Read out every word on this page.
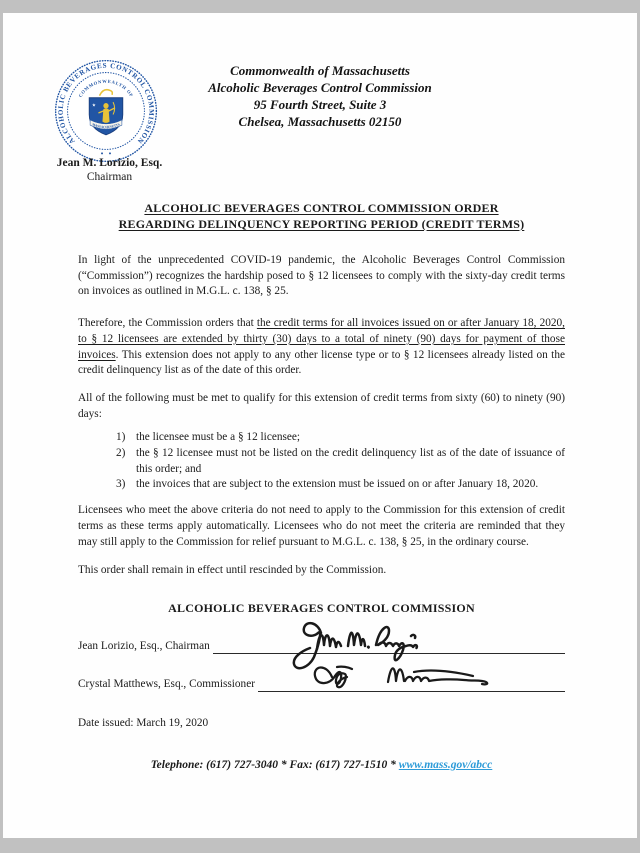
ALCOHOLIC BEVERAGES CONTROL COMMISSION
COMMONWEALTH OF
★
MASSACHUSETTS
Jean M. Lorizio, Esq.
Chairman
Commonwealth of Massachusetts
Alcoholic Beverages Control Commission
95 Fourth Street, Suite 3
Chelsea, Massachusetts 02150
ALCOHOLIC BEVERAGES CONTROL COMMISSION ORDER
REGARDING DELINQUENCY REPORTING PERIOD (CREDIT TERMS)

In light of the unprecedented COVID-19 pandemic, the Alcoholic Beverages Control Commission (“Commission”) recognizes the hardship posed to § 12 licensees to comply with the sixty-day credit terms on invoices as outlined in M.G.L. c. 138, § 25.

Therefore, the Commission orders that the credit terms for all invoices issued on or after January 18, 2020, to § 12 licensees are extended by thirty (30) days to a total of ninety (90) days for payment of those invoices. This extension does not apply to any other license type or to § 12 licensees already listed on the credit delinquency list as of the date of this order.

All of the following must be met to qualify for this extension of credit terms from sixty (60) to ninety (90) days:

1) the licensee must be a § 12 licensee;
2) the § 12 licensee must not be listed on the credit delinquency list as of the date of issuance of this order; and
3) the invoices that are subject to the extension must be issued on or after January 18, 2020.

Licensees who meet the above criteria do not need to apply to the Commission for this extension of credit terms as these terms apply automatically. Licensees who do not meet the criteria are reminded that they may still apply to the Commission for relief pursuant to M.G.L. c. 138, § 25, in the ordinary course.

This order shall remain in effect until rescinded by the Commission.

ALCOHOLIC BEVERAGES CONTROL COMMISSION
Jean Lorizio, Esq., Chairman
Crystal Matthews, Esq., Commissioner
Date issued: March 19, 2020
Telephone: (617) 727-3040 * Fax: (617) 727-1510 * www.mass.gov/abcc
